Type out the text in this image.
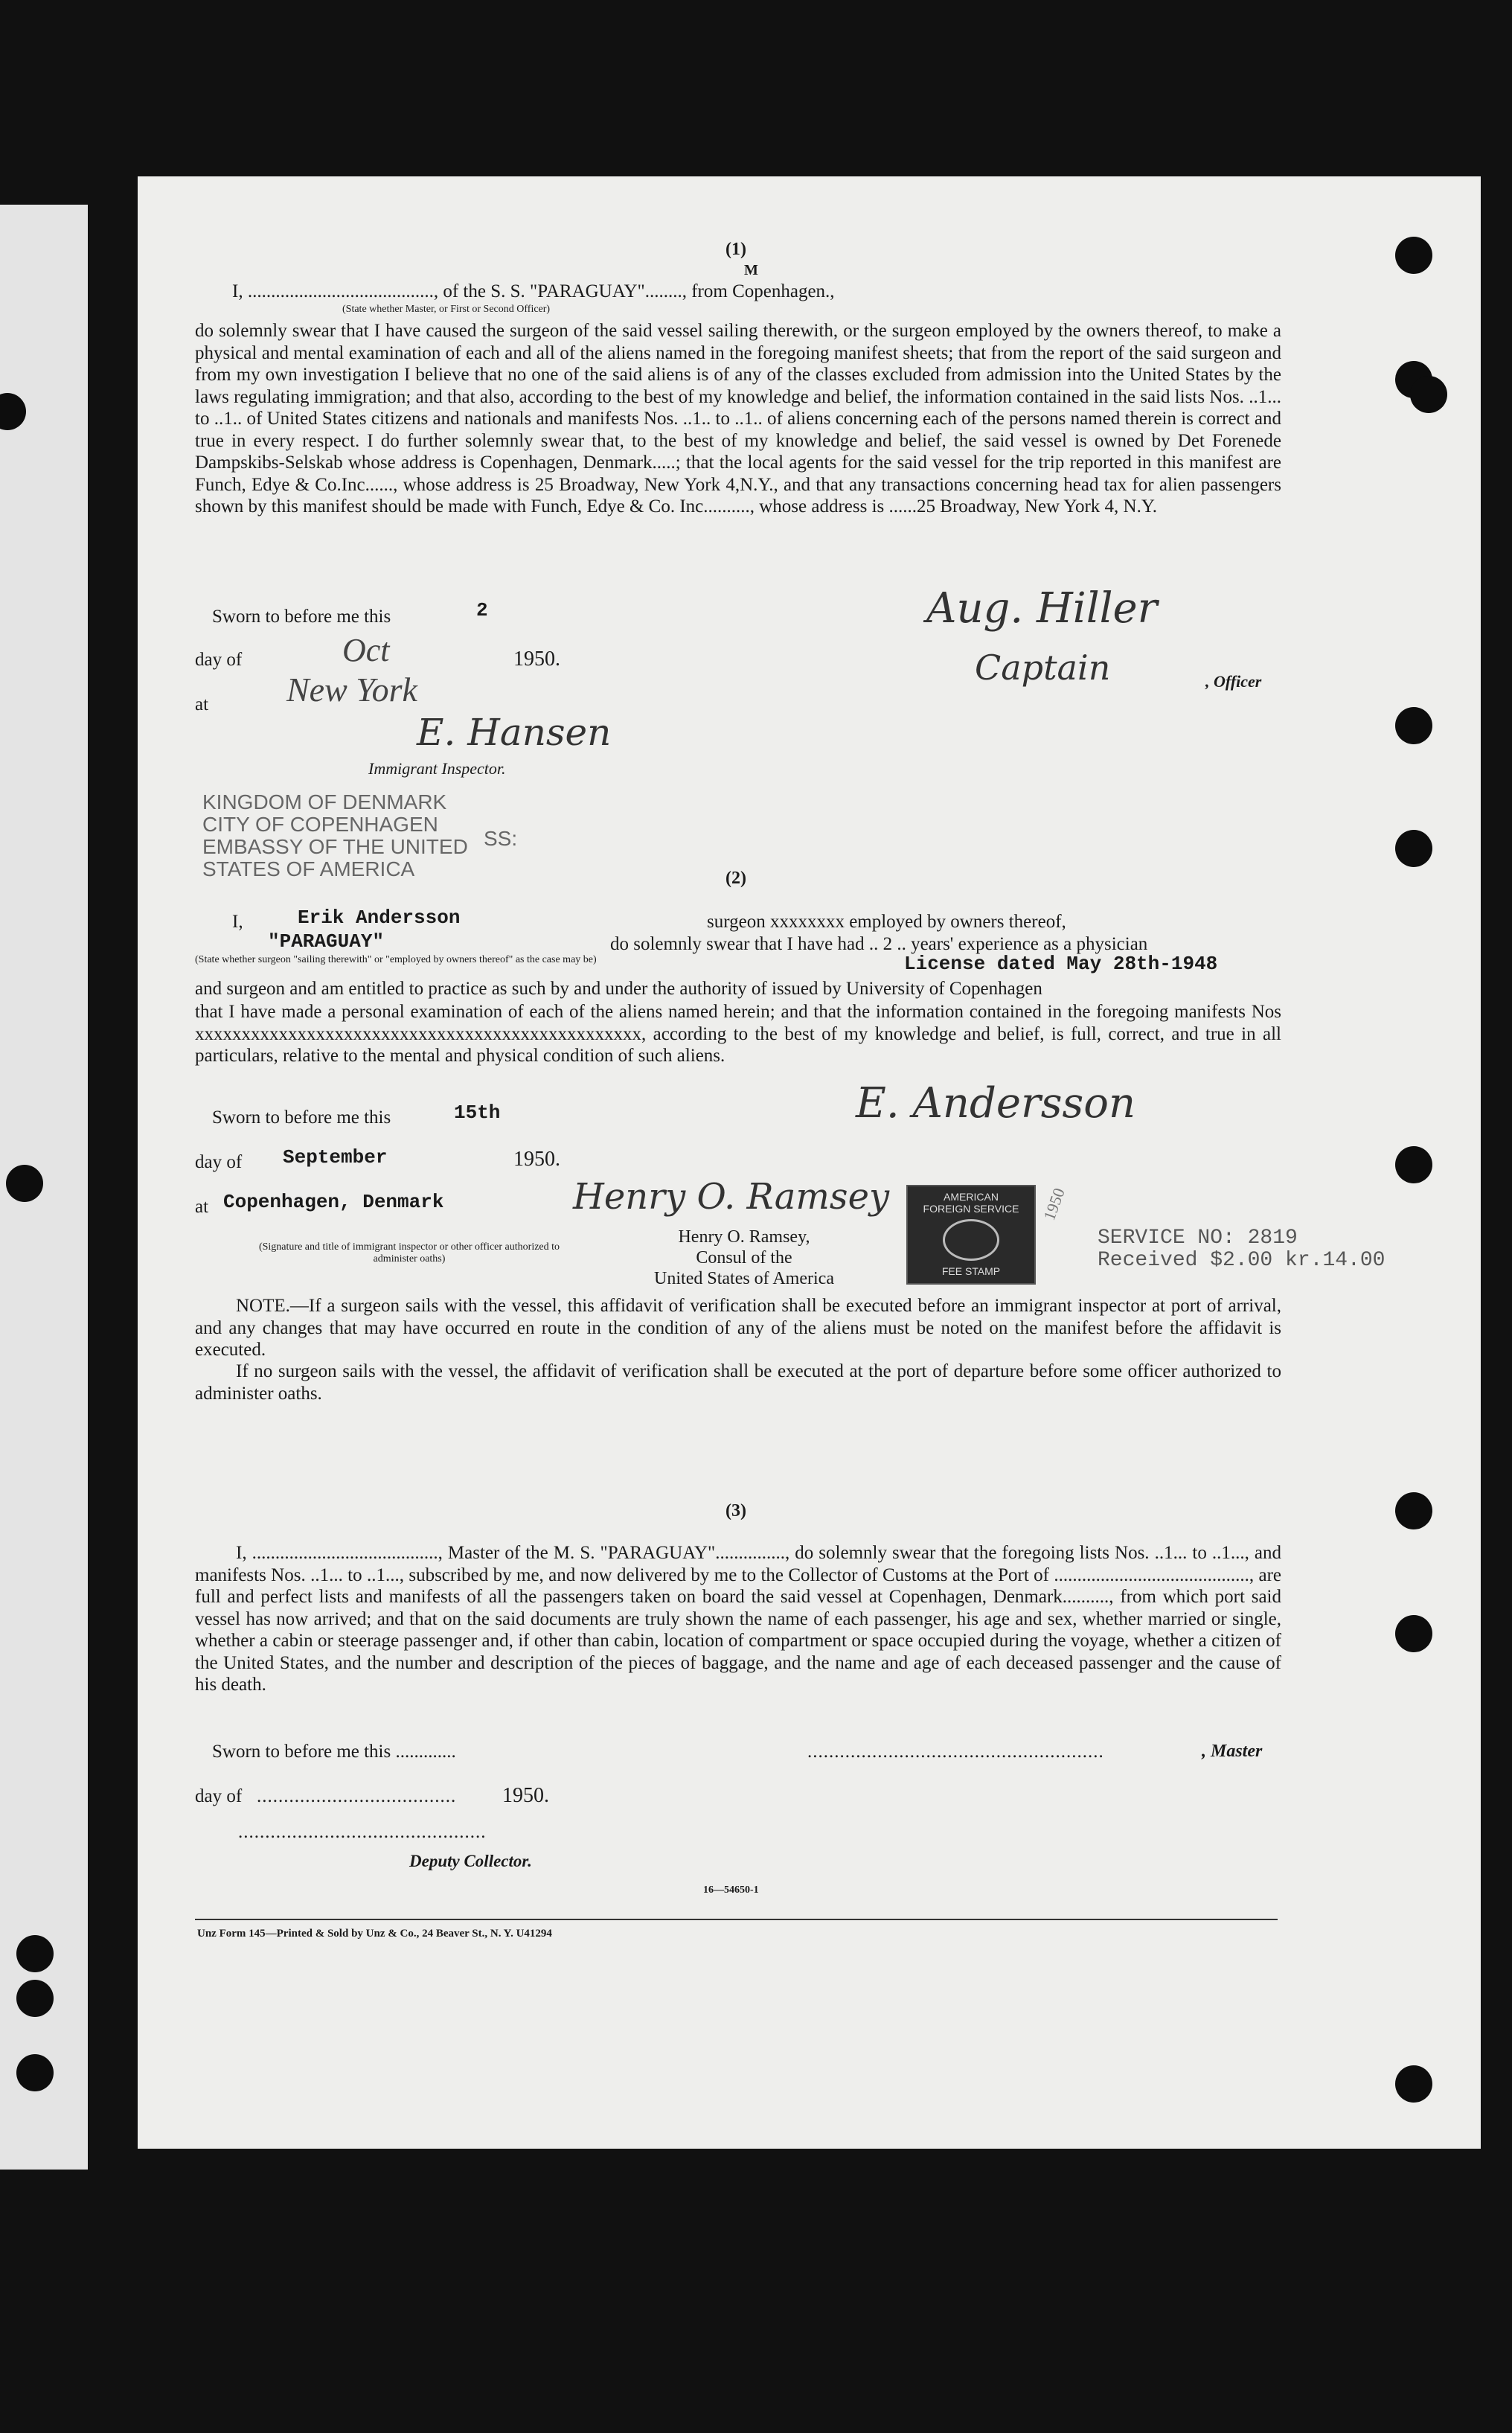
(1)
M
I, ........................................, of the S. S. "PARAGUAY"........, from Copenhagen.,
(State whether Master, or First or Second Officer)
do solemnly swear that I have caused the surgeon of the said vessel sailing therewith, or the surgeon employed by the owners thereof, to make a physical and mental examination of each and all of the aliens named in the foregoing manifest sheets; that from the report of the said surgeon and from my own investigation I believe that no one of the said aliens is of any of the classes excluded from admission into the United States by the laws regulating immigration; and that also, according to the best of my knowledge and belief, the information contained in the said lists Nos. ..1... to ..1.. of United States citizens and nationals and manifests Nos. ..1.. to ..1.. of aliens concerning each of the persons named therein is correct and true in every respect. I do further solemnly swear that, to the best of my knowledge and belief, the said vessel is owned by Det Forenede Dampskibs-Selskab whose address is Copenhagen, Denmark.....; that the local agents for the said vessel for the trip reported in this manifest are Funch, Edye & Co.Inc......, whose address is 25 Broadway, New York 4,N.Y., and that any transactions concerning head tax for alien passengers shown by this manifest should be made with Funch, Edye & Co. Inc.........., whose address is ......25 Broadway, New York 4, N.Y.
Sworn to before me this	2
day of	Oct	1950.
at New York
E. Hansen
Immigrant Inspector.
Aug. Hiller
Captain	, Officer
KINGDOM OF DENMARK
CITY OF COPENHAGEN
EMBASSY OF THE UNITED
STATES OF AMERICA
SS:
(2)
I,	Erik Andersson	surgeon xxxxxxxx employed by owners thereof,
"PARAGUAY"	do solemnly swear that I have had .. 2 .. years' experience as a physician
(State whether surgeon "sailing therewith" or "employed by owners thereof" as the case may be)	License dated May 28th-1948
and surgeon and am entitled to practice as such by and under the authority of issued by University of Copenhagen
that I have made a personal examination of each of the aliens named herein; and that the information contained in the foregoing manifests Nos xxxxxxxxxxxxxxxxxxxxxxxxxxxxxxxxxxxxxxxxxxxxxxxx, according to the best of my knowledge and belief, is full, correct, and true in all particulars, relative to the mental and physical condition of such aliens.
Sworn to before me this	15th	E. Andersson
day of September	1950.
at Copenhagen, Denmark	Henry O. Ramsey
Henry O. Ramsey,
Consul of the
United States of America
(Signature and title of immigrant inspector or other officer authorized to administer oaths)
AMERICAN
FOREIGN SERVICE
FEE STAMP
1950
SERVICE NO: 2819
Received $2.00 kr.14.00
NOTE.—If a surgeon sails with the vessel, this affidavit of verification shall be executed before an immigrant inspector at port of arrival, and any changes that may have occurred en route in the condition of any of the aliens must be noted on the manifest before the affidavit is executed.
If no surgeon sails with the vessel, the affidavit of verification shall be executed at the port of departure before some officer authorized to administer oaths.
(3)
I, ........................................, Master of the M. S. "PARAGUAY"..............., do solemnly swear that the foregoing lists Nos. ..1... to ..1..., and manifests Nos. ..1... to ..1..., subscribed by me, and now delivered by me to the Collector of Customs at the Port of .........................................., are full and perfect lists and manifests of all the passengers taken on board the said vessel at Copenhagen, Denmark.........., from which port said vessel has now arrived; and that on the said documents are truly shown the name of each passenger, his age and sex, whether married or single, whether a cabin or steerage passenger and, if other than cabin, location of compartment or space occupied during the voyage, whether a citizen of the United States, and the number and description of the pieces of baggage, and the name and age of each deceased passenger and the cause of his death.
Sworn to before me this .............	.......................................................	, Master
day of ..................................... 1950.
..............................................
Deputy Collector.
16—54650-1
Unz Form 145—Printed & Sold by Unz & Co., 24 Beaver St., N. Y. U41294
